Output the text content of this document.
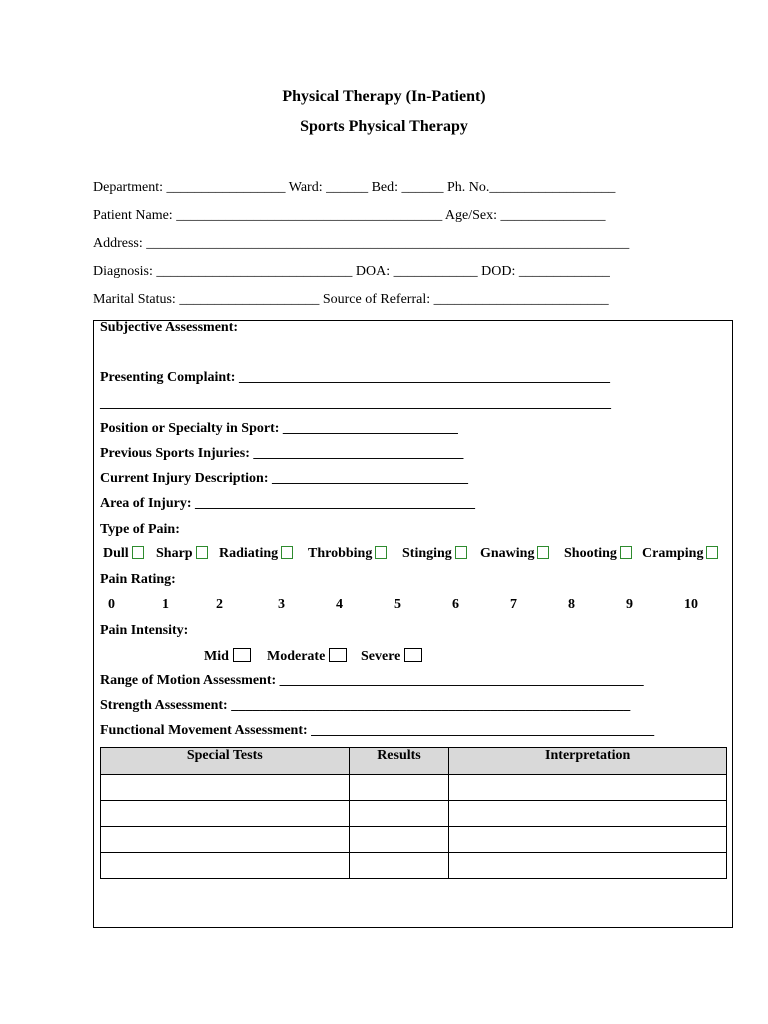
Physical Therapy (In-Patient)
Sports Physical Therapy
Department: _________________ Ward: ______ Bed: ______ Ph. No.__________________
Patient Name: ______________________________________ Age/Sex: _______________
Address: _____________________________________________________________________
Diagnosis: ____________________________ DOA: ____________ DOD: _____________
Marital Status: ____________________ Source of Referral: _________________________
Subjective Assessment:
Presenting Complaint: _____________________________________________________
_________________________________________________________________________
Position or Specialty in Sport: _________________________
Previous Sports Injuries: ______________________________
Current Injury Description: ____________________________
Area of Injury: ________________________________________
Type of Pain:
Dull	Sharp	Radiating	Throbbing	Stinging	Gnawing	Shooting	Cramping
Pain Rating:
0	1	2	3	4	5	6	7	8	9	10
Pain Intensity:
Mid	Moderate	Severe
Range of Motion Assessment: ____________________________________________________
Strength Assessment: _________________________________________________________
Functional Movement Assessment: _________________________________________________
Special Tests	Results	Interpretation
